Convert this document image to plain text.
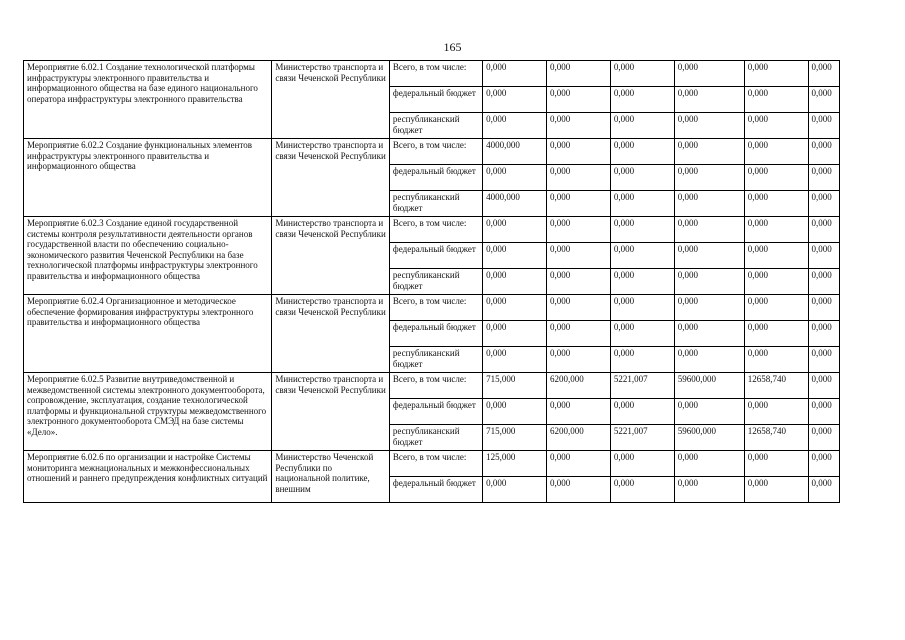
165
Мероприятие 6.02.1 Создание технологической платформы инфраструктуры электронного правительства и информационного общества на базе единого национального оператора инфраструктуры электронного правительства	Министерство транспорта и связи Чеченской Республики	Всего, в том числе:	0,000	0,000	0,000	0,000	0,000	0,000
		федеральный бюджет	0,000	0,000	0,000	0,000	0,000	0,000
		республиканский бюджет	0,000	0,000	0,000	0,000	0,000	0,000
Мероприятие 6.02.2 Создание функциональных элементов инфраструктуры электронного правительства и информационного общества	Министерство транспорта и связи Чеченской Республики	Всего, в том числе:	4000,000	0,000	0,000	0,000	0,000	0,000
		федеральный бюджет	0,000	0,000	0,000	0,000	0,000	0,000
		республиканский бюджет	4000,000	0,000	0,000	0,000	0,000	0,000
Мероприятие 6.02.3 Создание единой государственной системы контроля результативности деятельности органов государственной власти по обеспечению социально-экономического развития Чеченской Республики на базе технологической платформы инфраструктуры электронного правительства и информационного общества	Министерство транспорта и связи Чеченской Республики	Всего, в том числе:	0,000	0,000	0,000	0,000	0,000	0,000
		федеральный бюджет	0,000	0,000	0,000	0,000	0,000	0,000
		республиканский бюджет	0,000	0,000	0,000	0,000	0,000	0,000
Мероприятие 6.02.4 Организационное и методическое обеспечение формирования инфраструктуры электронного правительства и информационного общества	Министерство транспорта и связи Чеченской Республики	Всего, в том числе:	0,000	0,000	0,000	0,000	0,000	0,000
		федеральный бюджет	0,000	0,000	0,000	0,000	0,000	0,000
		республиканский бюджет	0,000	0,000	0,000	0,000	0,000	0,000
Мероприятие 6.02.5 Развитие внутриведомственной и межведомственной системы электронного документооборота, сопровождение, эксплуатация, создание технологической платформы и функциональной структуры межведомственного электронного документооборота СМЭД на базе системы «Дело».	Министерство транспорта и связи Чеченской Республики	Всего, в том числе:	715,000	6200,000	5221,007	59600,000	12658,740	0,000
		федеральный бюджет	0,000	0,000	0,000	0,000	0,000	0,000
		республиканский бюджет	715,000	6200,000	5221,007	59600,000	12658,740	0,000
Мероприятие 6.02.6 по организации и настройке Системы мониторинга межнациональных и межконфессиональных отношений и раннего предупреждения конфликтных ситуаций	Министерство Чеченской Республики по национальной политике, внешним	Всего, в том числе:	125,000	0,000	0,000	0,000	0,000	0,000
		федеральный бюджет	0,000	0,000	0,000	0,000	0,000	0,000
